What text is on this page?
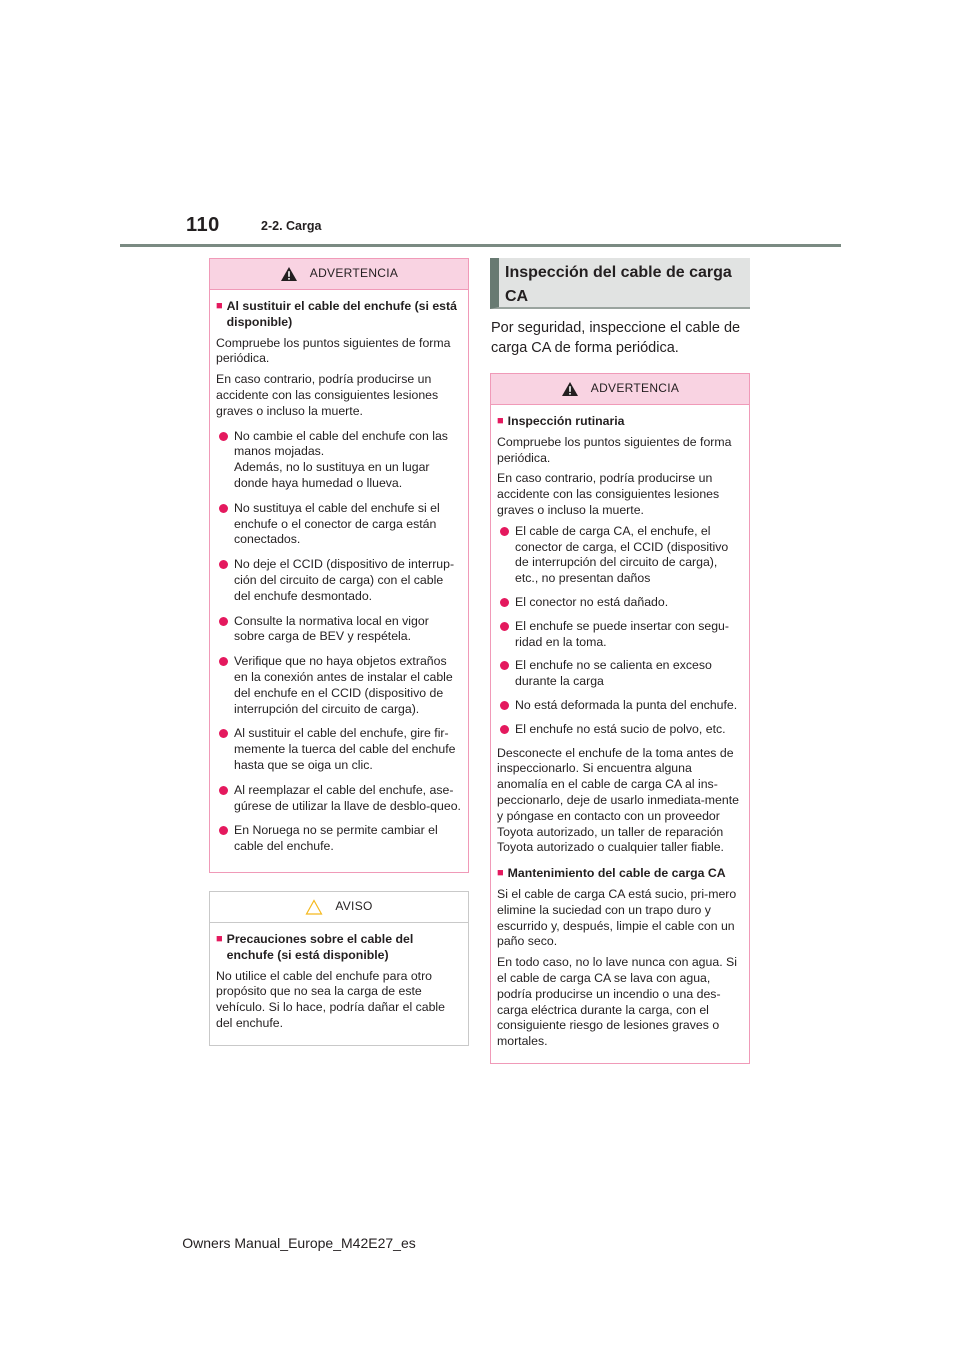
110	2-2. Carga
ADVERTENCIA
■ Al sustituir el cable del enchufe (si está disponible)

Compruebe los puntos siguientes de forma periódica.

En caso contrario, podría producirse un accidente con las consiguientes lesiones graves o incluso la muerte.

No cambie el cable del enchufe con las manos mojadas.
Además, no lo sustituya en un lugar donde haya humedad o llueva.
No sustituya el cable del enchufe si el enchufe o el conector de carga están conectados.
No deje el CCID (dispositivo de interrup-ción del circuito de carga) con el cable del enchufe desmontado.
Consulte la normativa local en vigor sobre carga de BEV y respétela.
Verifique que no haya objetos extraños en la conexión antes de instalar el cable del enchufe en el CCID (dispositivo de interrupción del circuito de carga).
Al sustituir el cable del enchufe, gire fir-memente la tuerca del cable del enchufe hasta que se oiga un clic.
Al reemplazar el cable del enchufe, ase-gúrese de utilizar la llave de desblo-queo.
En Noruega no se permite cambiar el cable del enchufe.
AVISO
■ Precauciones sobre el cable del enchufe (si está disponible)

No utilice el cable del enchufe para otro propósito que no sea la carga de este vehículo. Si lo hace, podría dañar el cable del enchufe.

Inspección del cable de carga CA
Por seguridad, inspeccione el cable de carga CA de forma periódica.
ADVERTENCIA
■ Inspección rutinaria

Compruebe los puntos siguientes de forma periódica.

En caso contrario, podría producirse un accidente con las consiguientes lesiones graves o incluso la muerte.

El cable de carga CA, el enchufe, el conector de carga, el CCID (dispositivo de interrupción del circuito de carga), etc., no presentan daños
El conector no está dañado.
El enchufe se puede insertar con segu-ridad en la toma.
El enchufe no se calienta en exceso durante la carga
No está deformada la punta del enchufe.
El enchufe no está sucio de polvo, etc.

Desconecte el enchufe de la toma antes de inspeccionarlo. Si encuentra alguna anomalía en el cable de carga CA al ins-peccionarlo, deje de usarlo inmediata-mente y póngase en contacto con un proveedor Toyota autorizado, un taller de reparación Toyota autorizado o cualquier taller fiable.

■ Mantenimiento del cable de carga CA

Si el cable de carga CA está sucio, pri-mero elimine la suciedad con un trapo duro y escurrido y, después, limpie el cable con un paño seco.

En todo caso, no lo lave nunca con agua. Si el cable de carga CA se lava con agua, podría producirse un incendio o una des-carga eléctrica durante la carga, con el consiguiente riesgo de lesiones graves o mortales.

Owners Manual_Europe_M42E27_es
